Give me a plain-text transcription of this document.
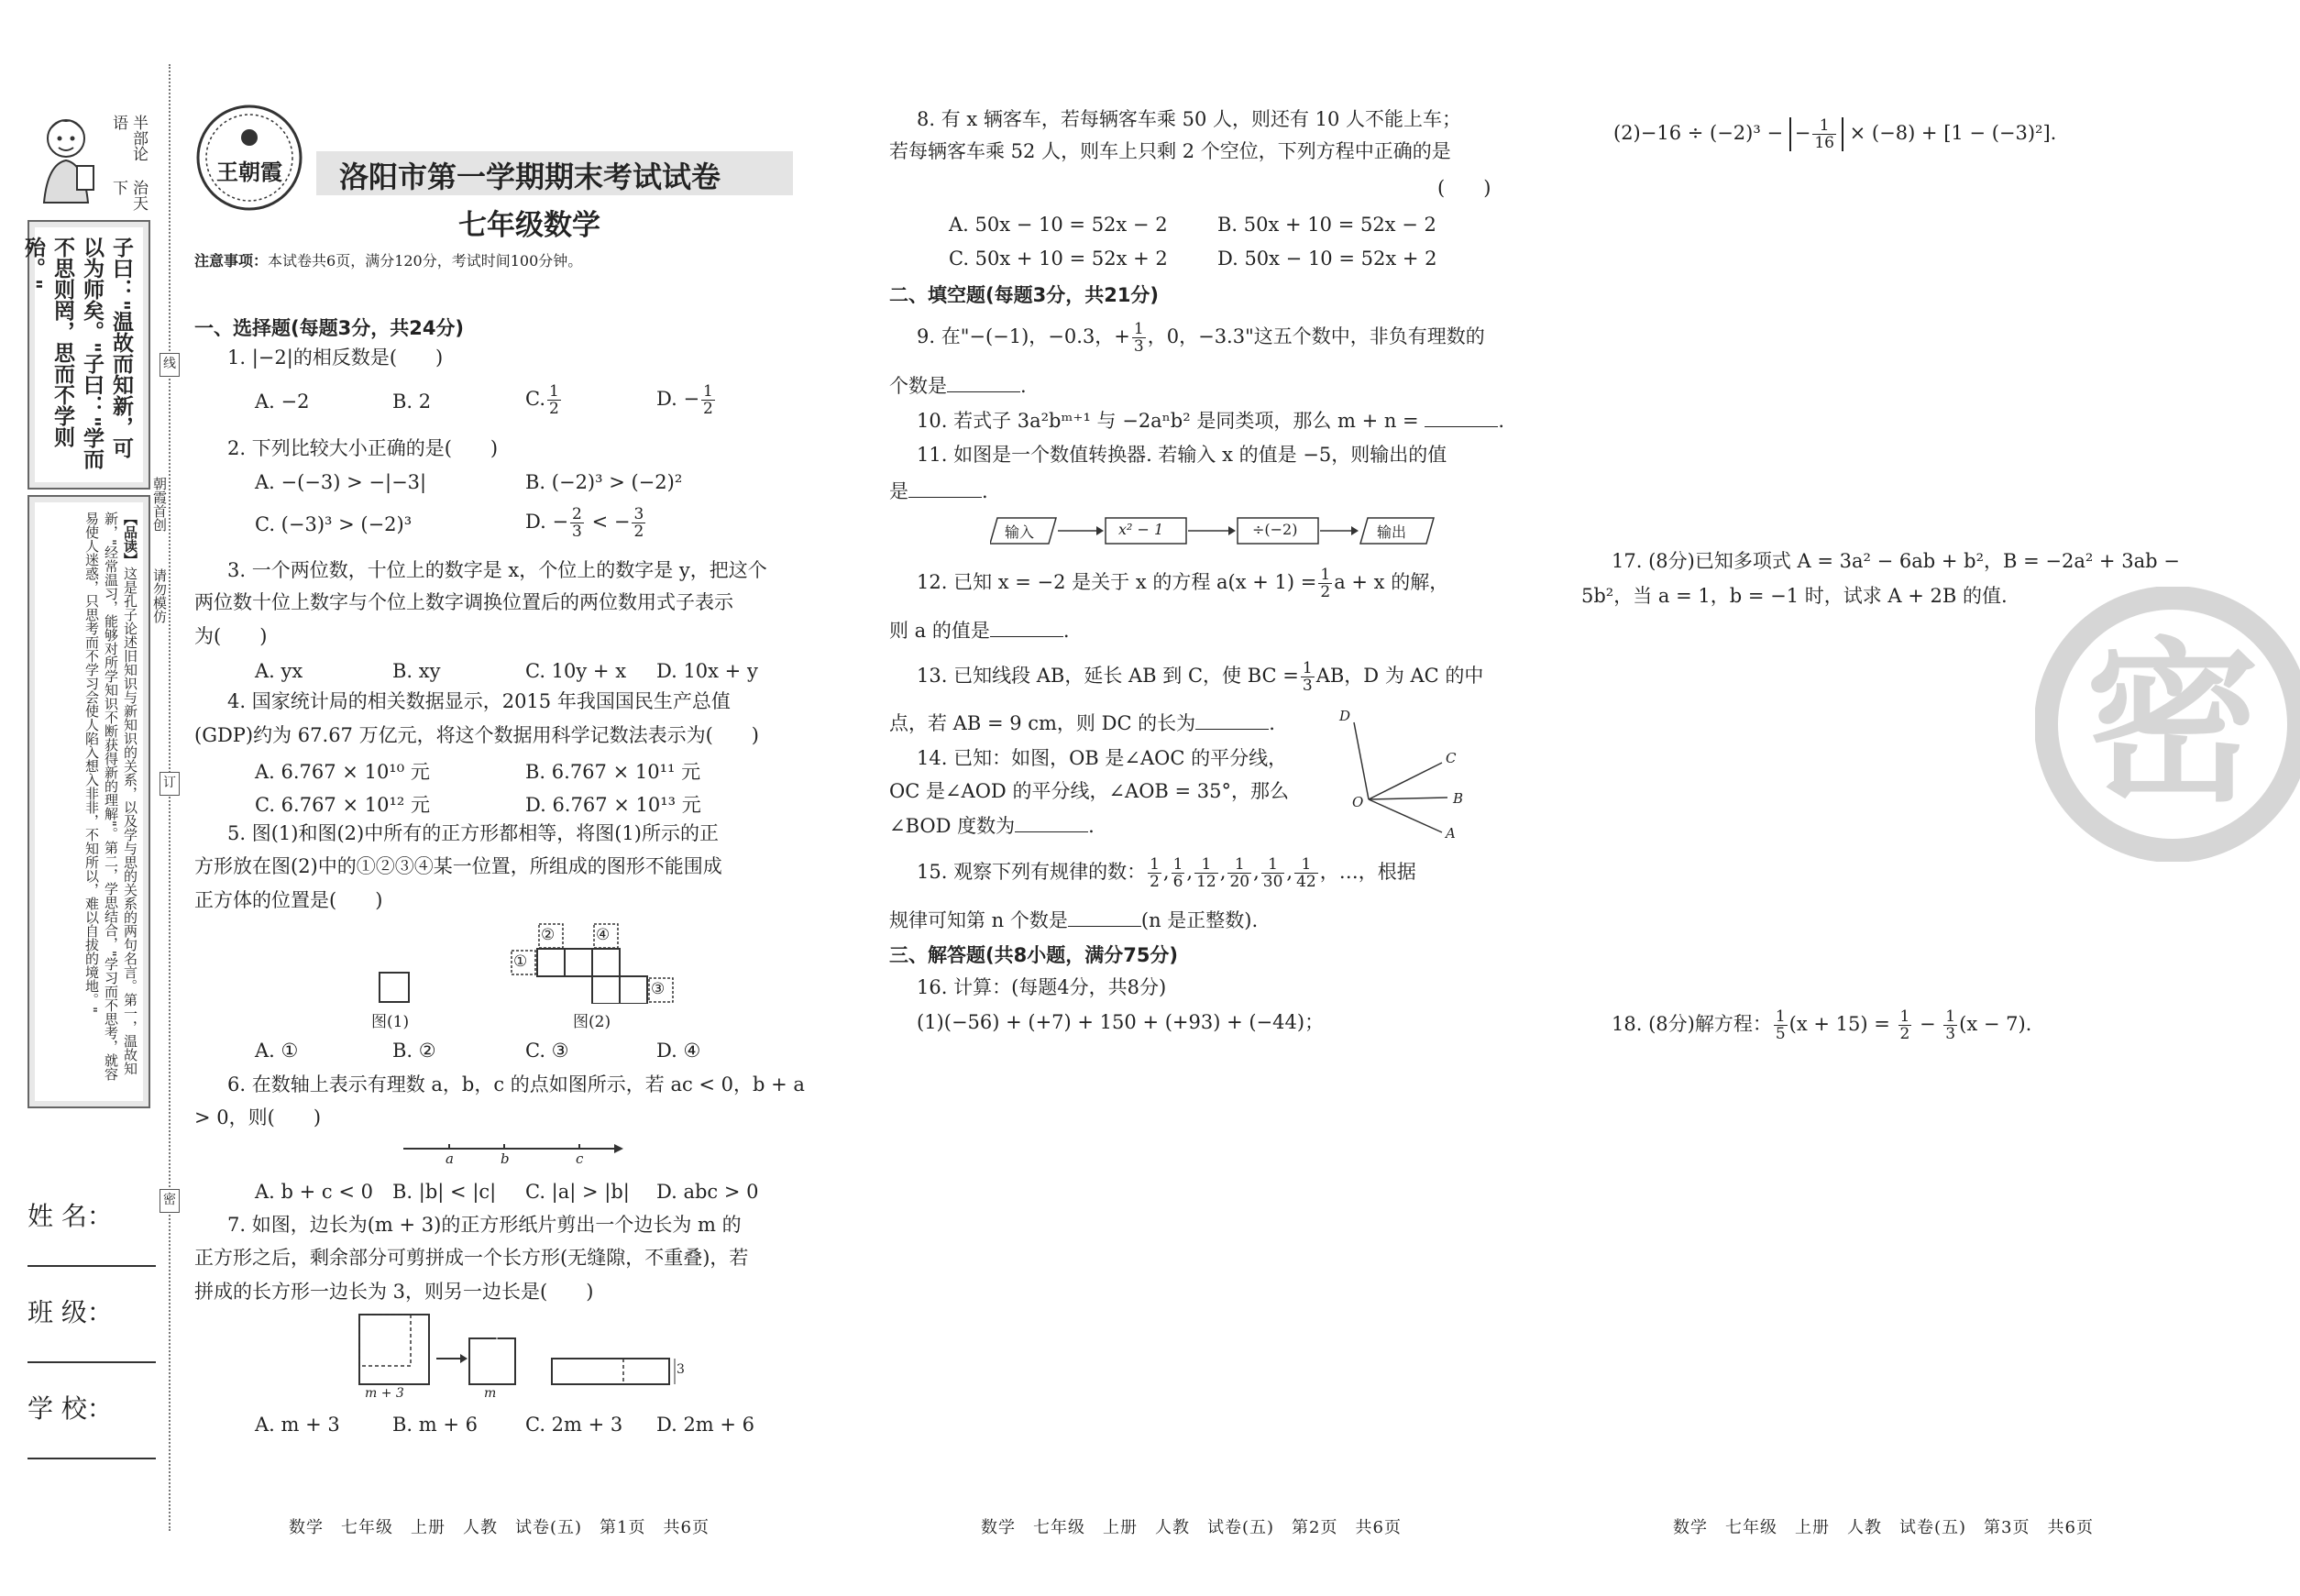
半部论语
治天下
子曰："温故而知新，可以为师矣。"子曰："学而不思则罔，思而不学则殆。"
【品读】这是孔子论述旧知识与新知识的关系，以及学与思的关系的两句名言。第一，温故知新，"经常温习，能够对所学知识不断获得新的理解"。第二，学思结合，"学习而不思考，就容易使人迷惑，只思考而不学习会使人陷入想入非非，不知所以，难以自拔的境地。"
姓 名：
班 级：
学 校：
线
订
密
朝霞首创
请勿模仿
王朝霞	洛阳市第一学期期末考试试卷
七年级数学
注意事项：本试卷共6页，满分120分，考试时间100分钟。
一、选择题(每题3分，共24分)
1. |−2|的相反数是(　　)
A. −2	B. 2	C. $\frac{1}{2}$	D. − $\frac{1}{2}$
2. 下列比较大小正确的是(　　)
A. −(−3) > −|−3|	B. (−2)³ > (−2)²
C. (−3)³ > (−2)³	D. − $\frac{2}{3}$ < − $\frac{3}{2}$
3. 一个两位数，十位上的数字是 x，个位上的数字是 y，把这个
两位数十位上数字与个位上数字调换位置后的两位数用式子表示
为(　　)
A. yx	B. xy	C. 10y + x D. 10x + y
4. 国家统计局的相关数据显示，2015 年我国国民生产总值
(GDP)约为 67.67 万亿元，将这个数据用科学记数法表示为(　　)
A. 6.767 × 10¹⁰ 元	B. 6.767 × 10¹¹ 元
C. 6.767 × 10¹² 元	D. 6.767 × 10¹³ 元
5. 图(1)和图(2)中所有的正方形都相等，将图(1)所示的正
方形放在图(2)中的①②③④某一位置，所组成的图形不能围成
正方体的位置是(　　)
图(1)
①
②	④
③
图(2)
A. ①	B. ②	C. ③	D. ④
6. 在数轴上表示有理数 a，b，c 的点如图所示，若 ac < 0，b + a
> 0，则(　　)
a	b	c
A. b + c < 0 B. |b| < |c| C. |a| > |b| D. abc > 0
7. 如图，边长为(m + 3)的正方形纸片剪出一个边长为 m 的
正方形之后，剩余部分可剪拼成一个长方形(无缝隙，不重叠)，若
拼成的长方形一边长为 3，则另一边长是(　　)
m + 3	m
3
A. m + 3	B. m + 6 C. 2m + 3 D. 2m + 6
数学　七年级　上册　人教　试卷(五)　第1页　共6页
8. 有 x 辆客车，若每辆客车乘 50 人，则还有 10 人不能上车；
若每辆客车乘 52 人，则车上只剩 2 个空位，下列方程中正确的是
(　　)
A. 50x − 10 = 52x − 2	B. 50x + 10 = 52x − 2
C. 50x + 10 = 52x + 2	D. 50x − 10 = 52x + 2
二、填空题(每题3分，共21分)
9. 在"−(−1)，−0.3，+ $\frac{1}{3}$ ，0，−3.3"这五个数中，非负有理数的
个数是	.
10. 若式子 3a²bᵐ⁺¹ 与 −2aⁿb² 是同类项，那么 m + n =	.
11. 如图是一个数值转换器. 若输入 x 的值是 −5，则输出的值
是	.
输入	x² − 1	÷(−2)	输出
12. 已知 x = −2 是关于 x 的方程 $a(x + 1) = \frac{1}{2}$ a + x 的解，
则 a 的值是	.
13. 已知线段 AB，延长 AB 到 C，使 BC = $\frac{1}{3}$ AB，D 为 AC 的中
点，若 AB = 9 cm，则 DC 的长为	.
14. 已知：如图，OB 是∠AOC 的平分线，
OC 是∠AOD 的平分线，∠AOB = 35°，那么
∠BOD 度数为	.
D
C
O	B
A
15. 观察下列有规律的数： $\frac{1}{2}$ , $\frac{1}{6}$ , $\frac{1}{12}$ , $\frac{1}{20}$ , $\frac{1}{30}$ , $\frac{1}{42}$ ，…，根据
规律可知第 n 个数是	(n 是正整数).
三、解答题(共8小题，满分75分)
16. 计算：(每题4分，共8分)
(1)(−56) + (+7) + 150 + (+93) + (−44)；
数学　七年级　上册　人教　试卷(五)　第2页　共6页
(2)−16 ÷ (−2)³ − − $\frac{1}{16} \times (-8) + [1 - (-3)^2]$.
17. (8分)已知多项式 A = 3a² − 6ab + b²，B = −2a² + 3ab −
5b²，当 a = 1，b = −1 时，试求 A + 2B 的值.
18. (8分)解方程： $\frac{1}{5} (x + 15) = \frac{1}{2} - \frac{1}{3} (x - 7)$.
密
数学　七年级　上册　人教　试卷(五)　第3页　共6页
